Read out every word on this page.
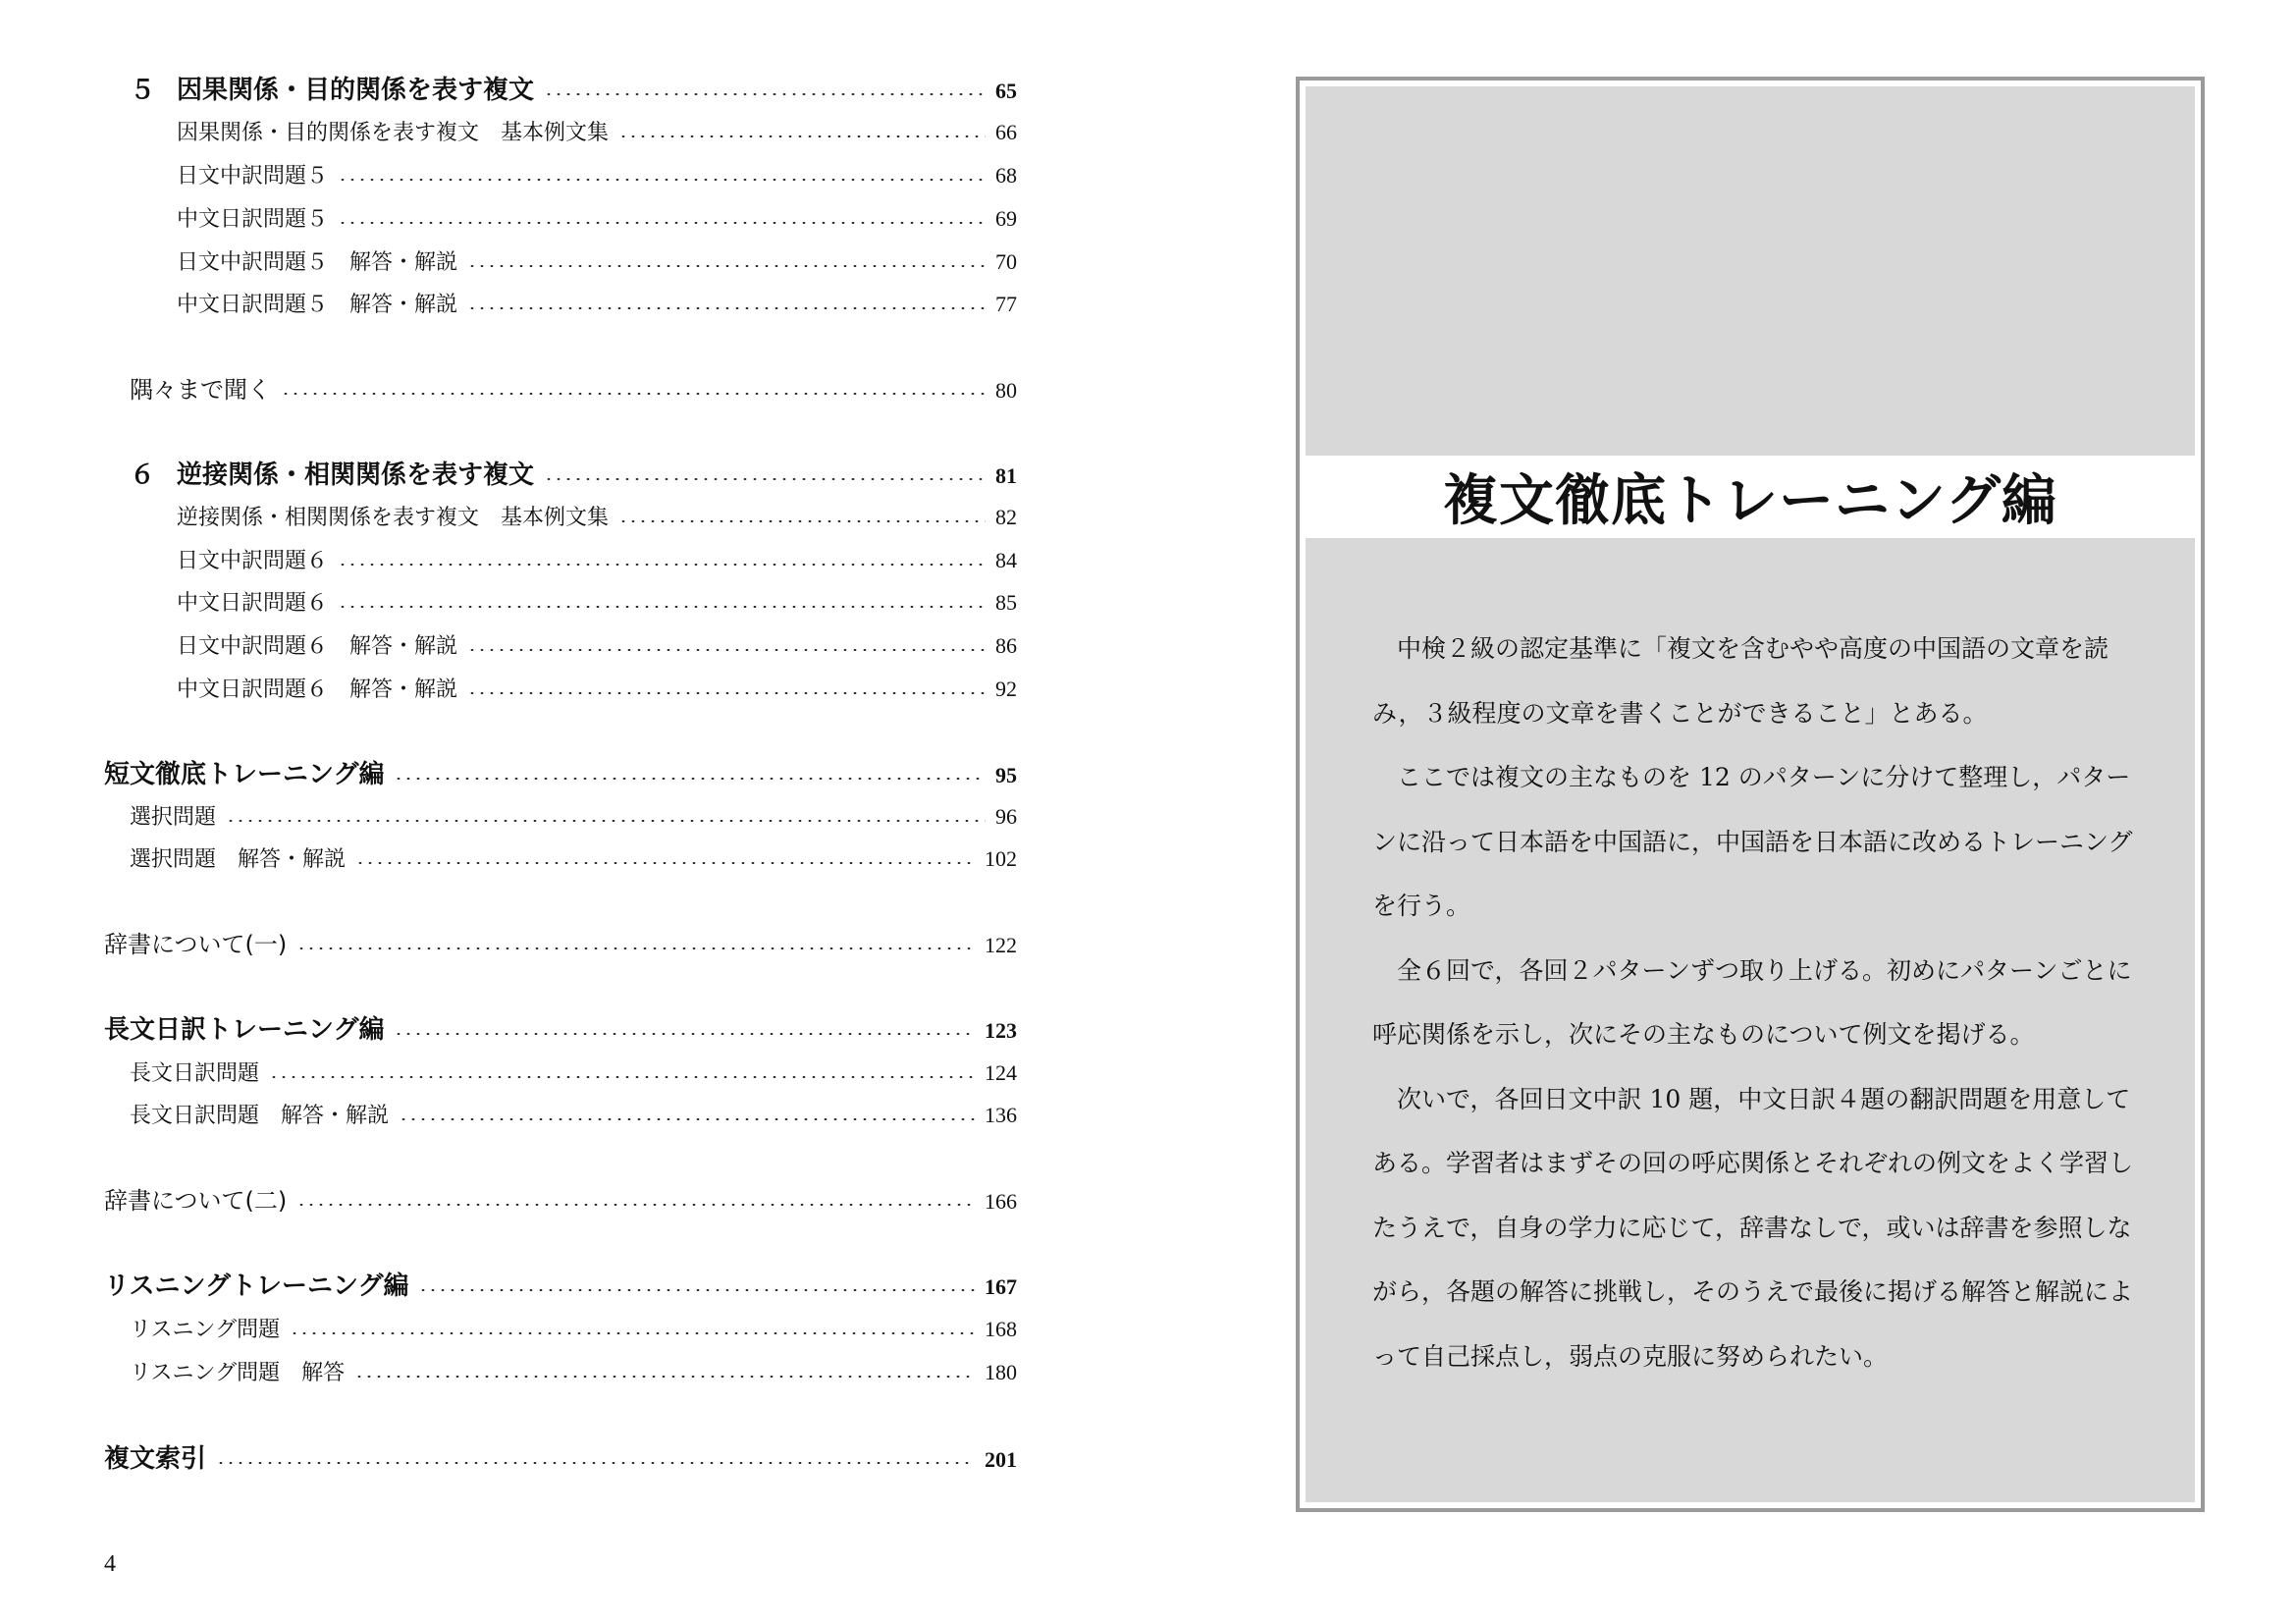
５ 因果関係・目的関係を表す複文	65
因果関係・目的関係を表す複文　基本例文集	66
日文中訳問題５	68
中文日訳問題５	69
日文中訳問題５　解答・解説	70
中文日訳問題５　解答・解説	77
隅々まで聞く	80
６ 逆接関係・相関関係を表す複文	81
逆接関係・相関関係を表す複文　基本例文集	82
日文中訳問題６	84
中文日訳問題６	85
日文中訳問題６　解答・解説	86
中文日訳問題６　解答・解説	92
短文徹底トレーニング編	95
選択問題	96
選択問題　解答・解説	102
辞書について(一)	122
長文日訳トレーニング編	123
長文日訳問題	124
長文日訳問題　解答・解説	136
辞書について(二)	166
リスニングトレーニング編	167
リスニング問題	168
リスニング問題　解答	180
複文索引	201
4
複文徹底トレーニング編

中検２級の認定基準に「複文を含むやや高度の中国語の文章を読み，３級程度の文章を書くことができること」とある。

ここでは複文の主なものを 12 のパターンに分けて整理し，パターンに沿って日本語を中国語に，中国語を日本語に改めるトレーニングを行う。

全６回で，各回２パターンずつ取り上げる。初めにパターンごとに呼応関係を示し，次にその主なものについて例文を掲げる。

次いで，各回日文中訳 10 題，中文日訳４題の翻訳問題を用意してある。学習者はまずその回の呼応関係とそれぞれの例文をよく学習したうえで，自身の学力に応じて，辞書なしで，或いは辞書を参照しながら，各題の解答に挑戦し，そのうえで最後に掲げる解答と解説によって自己採点し，弱点の克服に努められたい。
